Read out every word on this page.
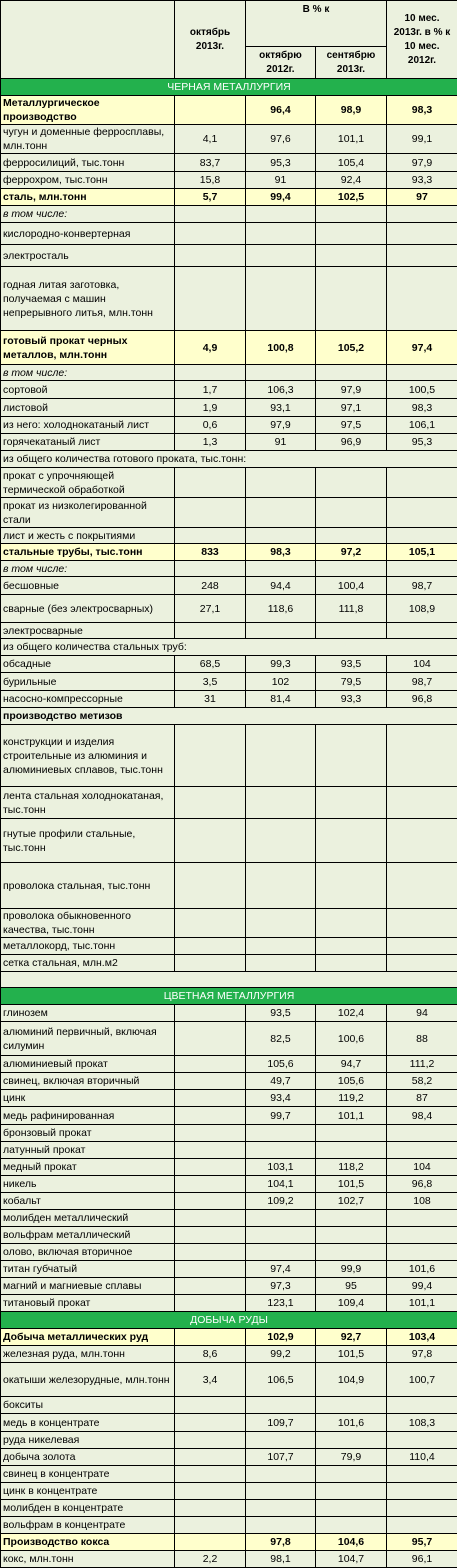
	октябрь 2013г.	В % к		10 мес. 2013г. в % к 10 мес. 2012г.
		октябрю 2012г.	сентябрю 2013г.	
ЧЕРНАЯ МЕТАЛЛУРГИЯ				
Металлургическое производство		96,4	98,9	98,3
чугун и доменные ферросплавы, млн.тонн	4,1	97,6	101,1	99,1
ферросилиций, тыс.тонн	83,7	95,3	105,4	97,9
феррохром, тыс.тонн	15,8	91	92,4	93,3
сталь, млн.тонн	5,7	99,4	102,5	97
в том числе:				
кислородно-конвертерная				
электросталь				
годная литая заготовка, получаемая с машин непрерывного литья, млн.тонн				
готовый прокат черных металлов, млн.тонн	4,9	100,8	105,2	97,4
в том числе:				
сортовой	1,7	106,3	97,9	100,5
листовой	1,9	93,1	97,1	98,3
из него: холоднокатаный лист	0,6	97,9	97,5	106,1
горячекатаный лист	1,3	91	96,9	95,3
из общего количества готового проката, тыс.тонн:				
прокат с упрочняющей термической обработкой				
прокат из низколегированной стали				
лист и жесть с покрытиями				
стальные трубы, тыс.тонн	833	98,3	97,2	105,1
в том числе:				
бесшовные	248	94,4	100,4	98,7
сварные (без электросварных)	27,1	118,6	111,8	108,9
электросварные				
из общего количества стальных труб:				
обсадные	68,5	99,3	93,5	104
бурильные	3,5	102	79,5	98,7
насосно-компрессорные	31	81,4	93,3	96,8
производство метизов				
конструкции и изделия строительные из алюминия и алюминиевых сплавов, тыс.тонн				
лента стальная холоднокатаная, тыс.тонн				
гнутые профили стальные, тыс.тонн				
проволока стальная, тыс.тонн				
проволока обыкновенного качества, тыс.тонн				
металлокорд, тыс.тонн				
сетка стальная, млн.м2				

ЦВЕТНАЯ МЕТАЛЛУРГИЯ				
глинозем		93,5	102,4	94
алюминий первичный, включая силумин		82,5	100,6	88
алюминиевый прокат		105,6	94,7	111,2
свинец, включая вторичный		49,7	105,6	58,2
цинк		93,4	119,2	87
медь рафинированная		99,7	101,1	98,4
бронзовый прокат				
латунный прокат				
медный прокат		103,1	118,2	104
никель		104,1	101,5	96,8
кобальт		109,2	102,7	108
молибден металлический				
вольфрам металлический				
олово, включая вторичное				
титан губчатый		97,4	99,9	101,6
магний и магниевые сплавы		97,3	95	99,4
титановый прокат		123,1	109,4	101,1
ДОБЫЧА РУДЫ				
Добыча металлических руд		102,9	92,7	103,4
железная руда, млн.тонн	8,6	99,2	101,5	97,8
окатыши железорудные, млн.тонн	3,4	106,5	104,9	100,7
бокситы				
медь в концентрате		109,7	101,6	108,3
руда никелевая				
добыча золота		107,7	79,9	110,4
свинец в концентрате				
цинк в концентрате				
молибден в концентрате				
вольфрам в концентрате				
Производство кокса		97,8	104,6	95,7
кокс, млн.тонн	2,2	98,1	104,7	96,1
